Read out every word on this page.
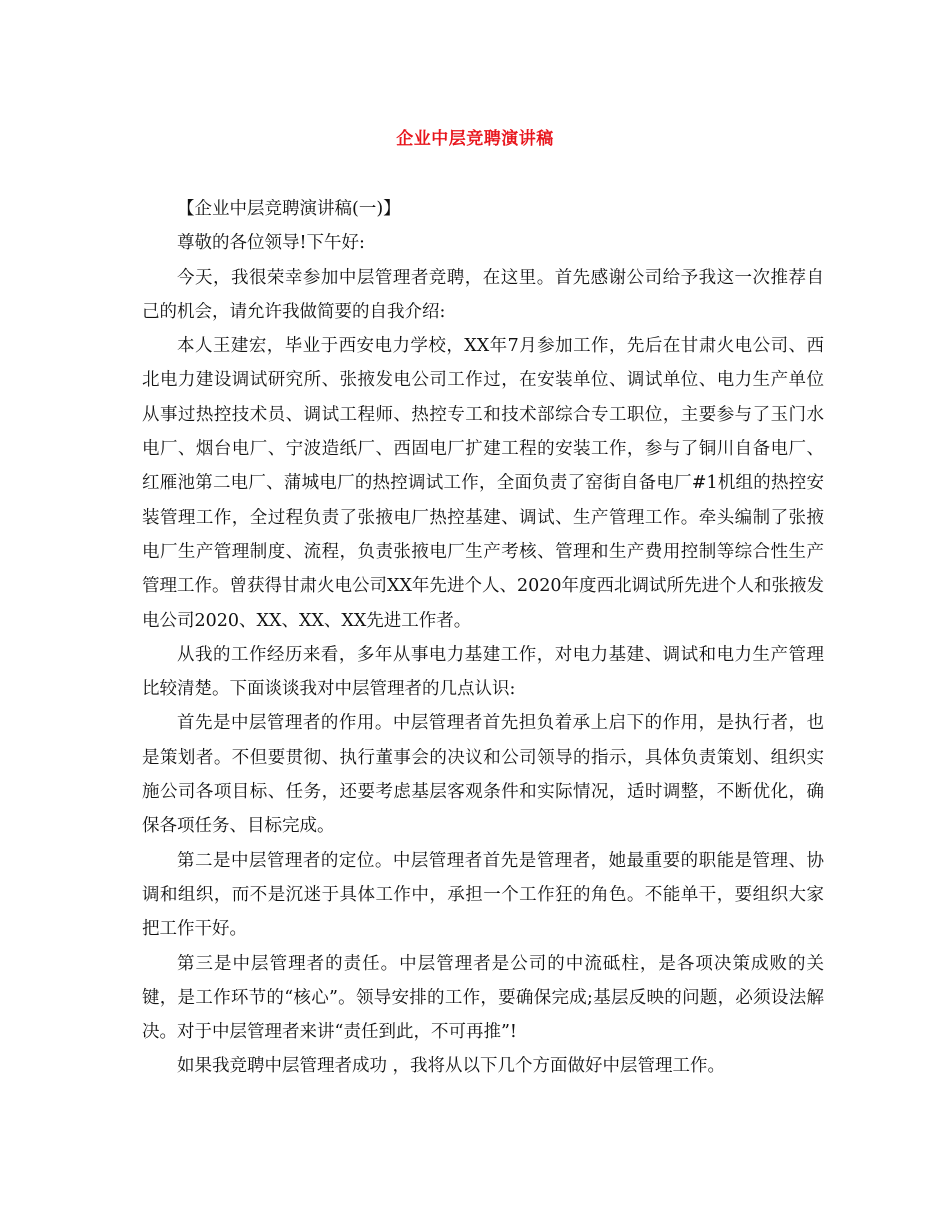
企业中层竞聘演讲稿

【企业中层竞聘演讲稿(一)】

尊敬的各位领导!下午好:

今天，我很荣幸参加中层管理者竞聘，在这里。首先感谢公司给予我这一次推荐自己的机会，请允许我做简要的自我介绍:

本人王建宏，毕业于西安电力学校，XX年7月参加工作，先后在甘肃火电公司、西北电力建设调试研究所、张掖发电公司工作过，在安装单位、调试单位、电力生产单位从事过热控技术员、调试工程师、热控专工和技术部综合专工职位，主要参与了玉门水电厂、烟台电厂、宁波造纸厂、西固电厂扩建工程的安装工作，参与了铜川自备电厂、红雁池第二电厂、蒲城电厂的热控调试工作，全面负责了窑街自备电厂#1机组的热控安装管理工作，全过程负责了张掖电厂热控基建、调试、生产管理工作。牵头编制了张掖电厂生产管理制度、流程，负责张掖电厂生产考核、管理和生产费用控制等综合性生产管理工作。曾获得甘肃火电公司XX年先进个人、2020年度西北调试所先进个人和张掖发电公司2020、XX、XX、XX先进工作者。

从我的工作经历来看，多年从事电力基建工作，对电力基建、调试和电力生产管理比较清楚。下面谈谈我对中层管理者的几点认识:

首先是中层管理者的作用。中层管理者首先担负着承上启下的作用，是执行者，也是策划者。不但要贯彻、执行董事会的决议和公司领导的指示，具体负责策划、组织实施公司各项目标、任务，还要考虑基层客观条件和实际情况，适时调整，不断优化，确保各项任务、目标完成。

第二是中层管理者的定位。中层管理者首先是管理者，她最重要的职能是管理、协调和组织，而不是沉迷于具体工作中，承担一个工作狂的角色。不能单干，要组织大家把工作干好。

第三是中层管理者的责任。中层管理者是公司的中流砥柱，是各项决策成败的关键，是工作环节的“核心”。领导安排的工作，要确保完成;基层反映的问题，必须设法解决。对于中层管理者来讲“责任到此，不可再推”!

如果我竞聘中层管理者成功 ，我将从以下几个方面做好中层管理工作。
